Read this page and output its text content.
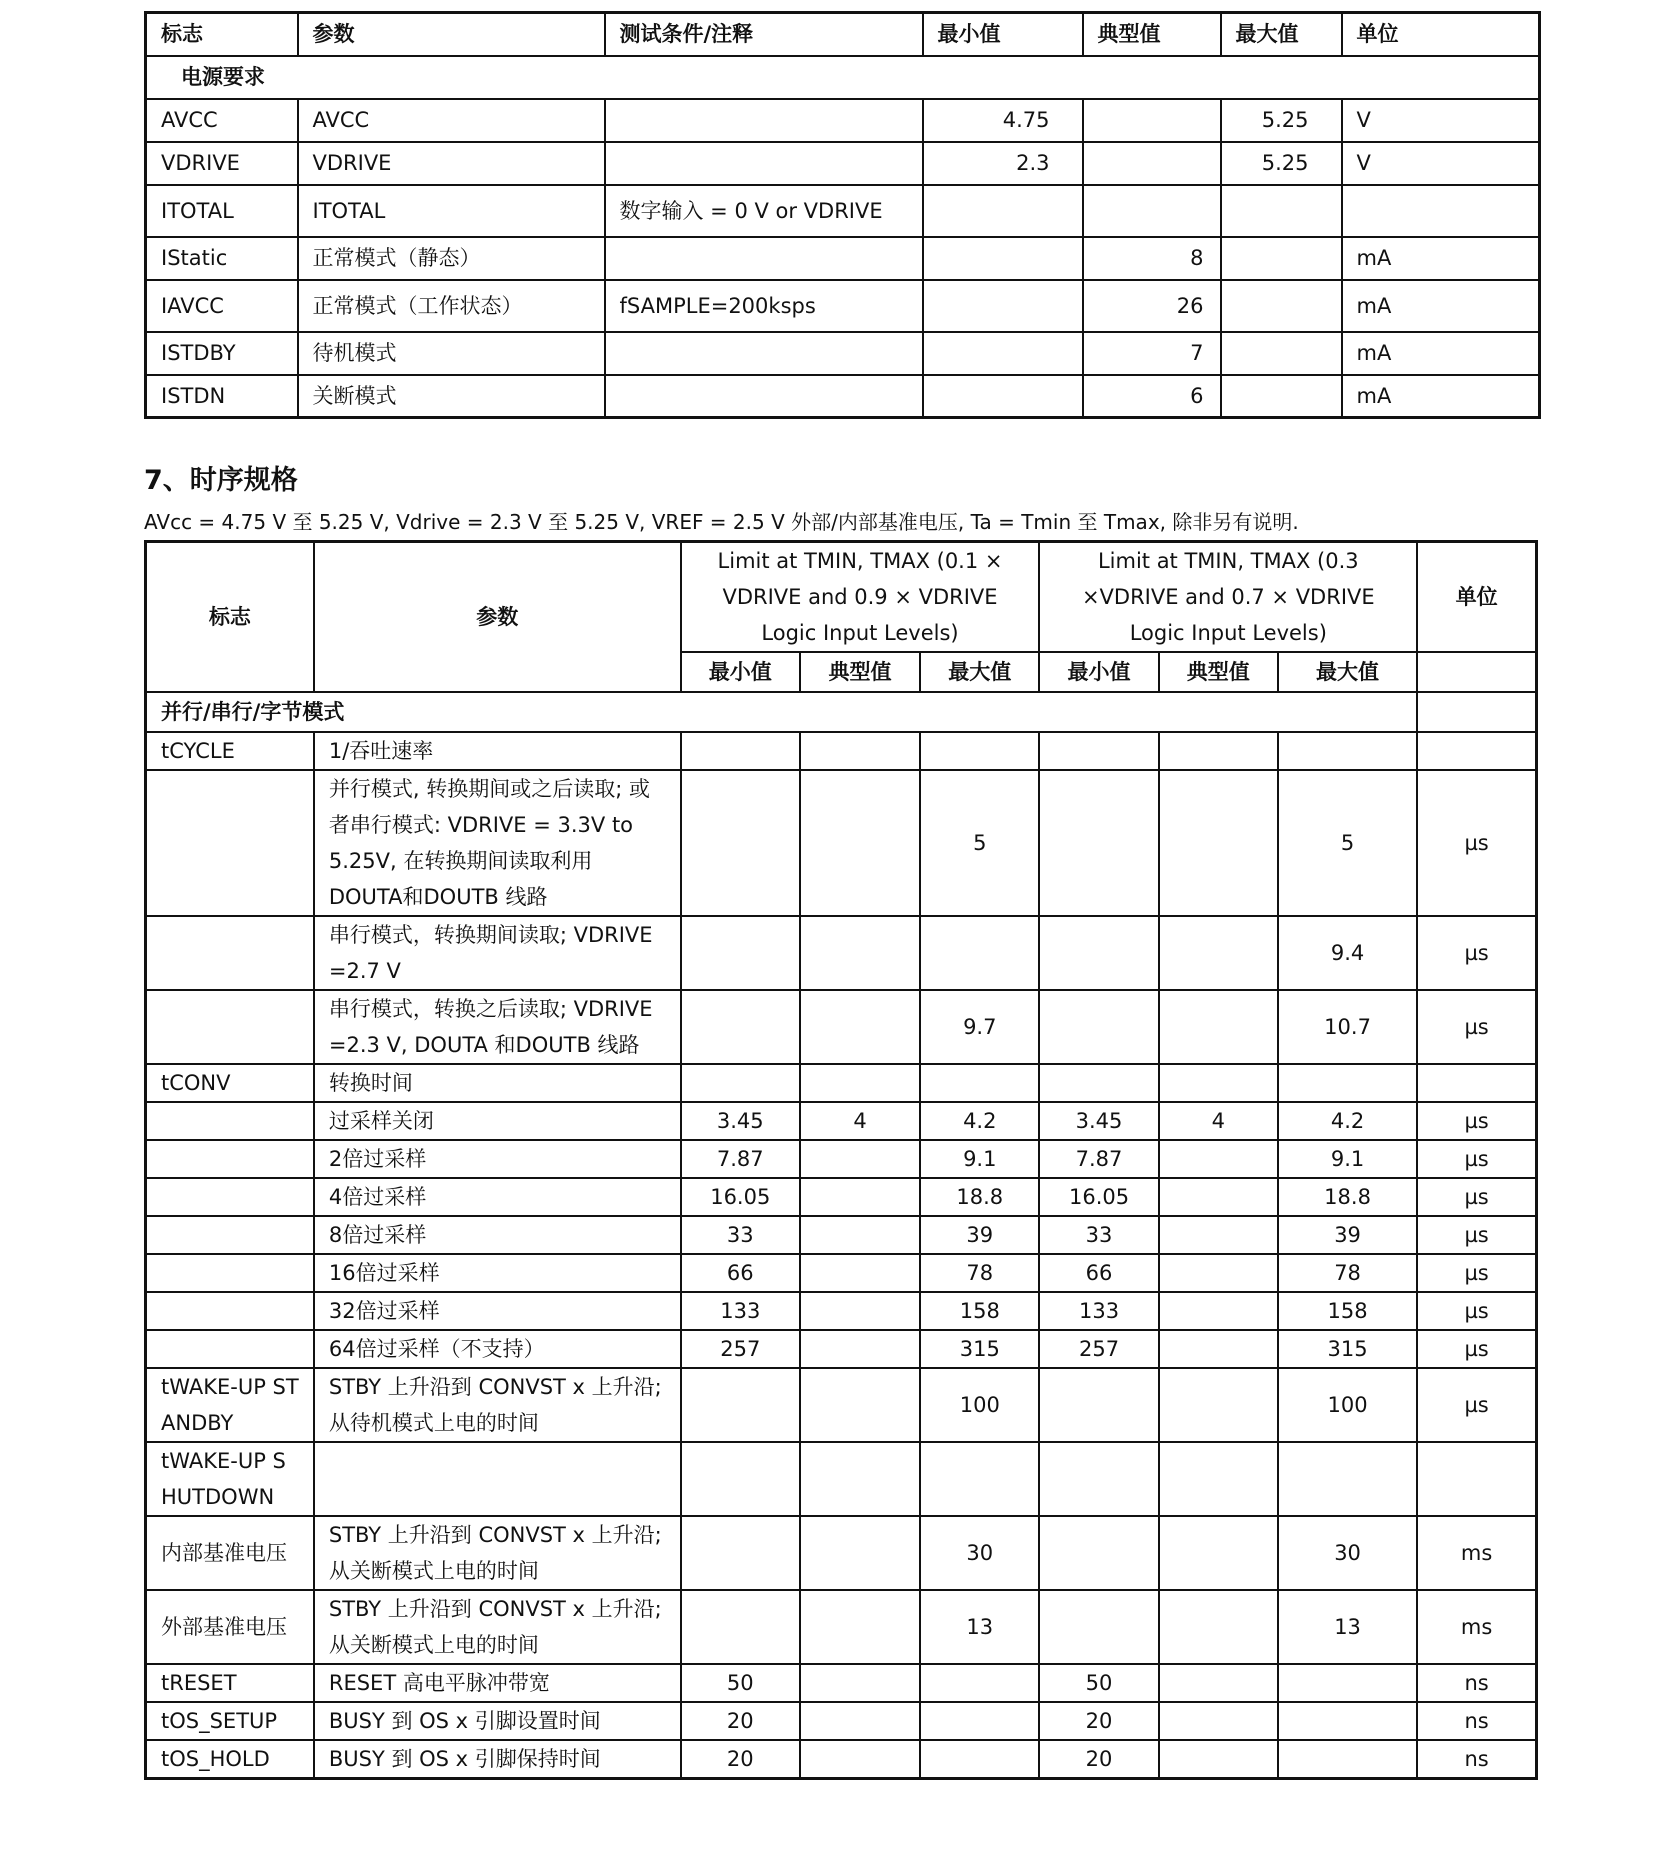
标志	参数	测试条件/注释	最小值	典型值	最大值	单位
电源要求						
AVCC	AVCC		4.75		5.25	V
VDRIVE	VDRIVE		2.3		5.25	V
ITOTAL	ITOTAL	数字输入 = 0 V or VDRIVE				
IStatic	正常模式（静态）			8		mA
IAVCC	正常模式（工作状态）	fSAMPLE=200ksps		26		mA
ISTDBY	待机模式			7		mA
ISTDN	关断模式			6		mA
7、时序规格

AVcc = 4.75 V 至 5.25 V, Vdrive = 2.3 V 至 5.25 V, VREF = 2.5 V 外部/内部基准电压, Ta = Tmin 至 Tmax, 除非另有说明.

标志	参数	Limit at TMIN, TMAX (0.1 × VDRIVE and 0.9 × VDRIVE Logic Input Levels)			Limit at TMIN, TMAX (0.3 ×VDRIVE and 0.7 × VDRIVE Logic Input Levels)			单位
		最小值	典型值	最大值	最小值	典型值	最大值	
并行/串行/字节模式								
tCYCLE	1/吞吐速率							
	并行模式, 转换期间或之后读取; 或者串行模式: VDRIVE = 3.3V to 5.25V, 在转换期间读取利用DOUTA和DOUTB 线路			5			5	µs
	串行模式，转换期间读取; VDRIVE =2.7 V						9.4	µs
	串行模式，转换之后读取; VDRIVE =2.3 V, DOUTA 和DOUTB 线路			9.7			10.7	µs
tCONV	转换时间							
	过采样关闭	3.45	4	4.2	3.45	4	4.2	µs
	2倍过采样	7.87		9.1	7.87		9.1	µs
	4倍过采样	16.05		18.8	16.05		18.8	µs
	8倍过采样	33		39	33		39	µs
	16倍过采样	66		78	66		78	µs
	32倍过采样	133		158	133		158	µs
	64倍过采样（不支持）	257		315	257		315	µs
tWAKE-UP STANDBY	STBY 上升沿到 CONVST x 上升沿; 从待机模式上电的时间			100			100	µs
tWAKE-UP SHUTDOWN								
内部基准电压	STBY 上升沿到 CONVST x 上升沿; 从关断模式上电的时间			30			30	ms
外部基准电压	STBY 上升沿到 CONVST x 上升沿; 从关断模式上电的时间			13			13	ms
tRESET	RESET 高电平脉冲带宽	50			50			ns
tOS_SETUP	BUSY 到 OS x 引脚设置时间	20			20			ns
tOS_HOLD	BUSY 到 OS x 引脚保持时间	20			20			ns
